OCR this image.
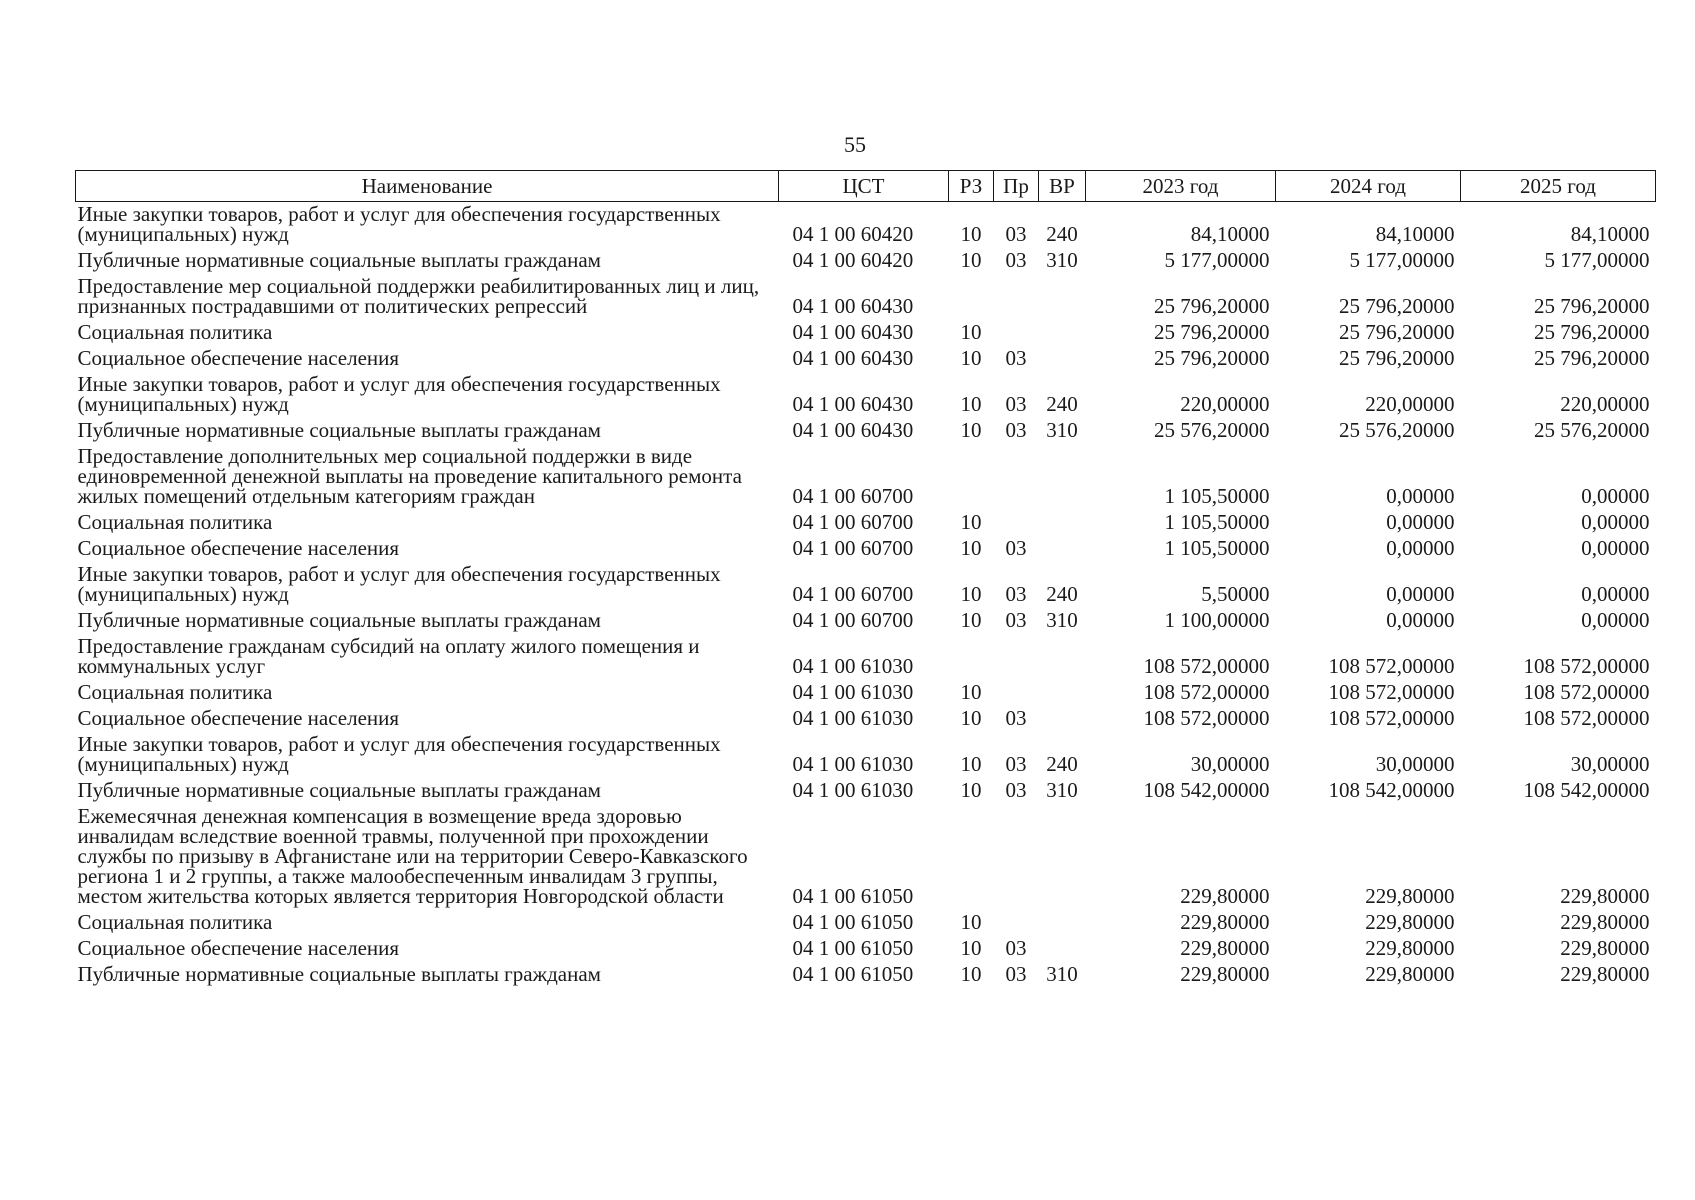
55
Наименование	ЦСТ	РЗ	Пр	ВР	2023 год	2024 год	2025 год
Иные закупки товаров, работ и услуг для обеспечения государственных (муниципальных) нужд	04 1 00 60420	10	03	240	84,10000	84,10000	84,10000
Публичные нормативные социальные выплаты гражданам	04 1 00 60420	10	03	310	5 177,00000	5 177,00000	5 177,00000
Предоставление мер социальной поддержки реабилитированных лиц и лиц, признанных пострадавшими от политических репрессий	04 1 00 60430				25 796,20000	25 796,20000	25 796,20000
Социальная политика	04 1 00 60430	10			25 796,20000	25 796,20000	25 796,20000
Социальное обеспечение населения	04 1 00 60430	10	03		25 796,20000	25 796,20000	25 796,20000
Иные закупки товаров, работ и услуг для обеспечения государственных (муниципальных) нужд	04 1 00 60430	10	03	240	220,00000	220,00000	220,00000
Публичные нормативные социальные выплаты гражданам	04 1 00 60430	10	03	310	25 576,20000	25 576,20000	25 576,20000
Предоставление дополнительных мер социальной поддержки в виде единовременной денежной выплаты на проведение капитального ремонта жилых помещений отдельным категориям граждан	04 1 00 60700				1 105,50000	0,00000	0,00000
Социальная политика	04 1 00 60700	10			1 105,50000	0,00000	0,00000
Социальное обеспечение населения	04 1 00 60700	10	03		1 105,50000	0,00000	0,00000
Иные закупки товаров, работ и услуг для обеспечения государственных (муниципальных) нужд	04 1 00 60700	10	03	240	5,50000	0,00000	0,00000
Публичные нормативные социальные выплаты гражданам	04 1 00 60700	10	03	310	1 100,00000	0,00000	0,00000
Предоставление гражданам субсидий на оплату жилого помещения и коммунальных услуг	04 1 00 61030				108 572,00000	108 572,00000	108 572,00000
Социальная политика	04 1 00 61030	10			108 572,00000	108 572,00000	108 572,00000
Социальное обеспечение населения	04 1 00 61030	10	03		108 572,00000	108 572,00000	108 572,00000
Иные закупки товаров, работ и услуг для обеспечения государственных (муниципальных) нужд	04 1 00 61030	10	03	240	30,00000	30,00000	30,00000
Публичные нормативные социальные выплаты гражданам	04 1 00 61030	10	03	310	108 542,00000	108 542,00000	108 542,00000
Ежемесячная денежная компенсация в возмещение вреда здоровью инвалидам вследствие военной травмы, полученной при прохождении службы по призыву в Афганистане или на территории Северо-Кавказского региона 1 и 2 группы, а также малообеспеченным инвалидам 3 группы, местом жительства которых является территория Новгородской области	04 1 00 61050				229,80000	229,80000	229,80000
Социальная политика	04 1 00 61050	10			229,80000	229,80000	229,80000
Социальное обеспечение населения	04 1 00 61050	10	03		229,80000	229,80000	229,80000
Публичные нормативные социальные выплаты гражданам	04 1 00 61050	10	03	310	229,80000	229,80000	229,80000
